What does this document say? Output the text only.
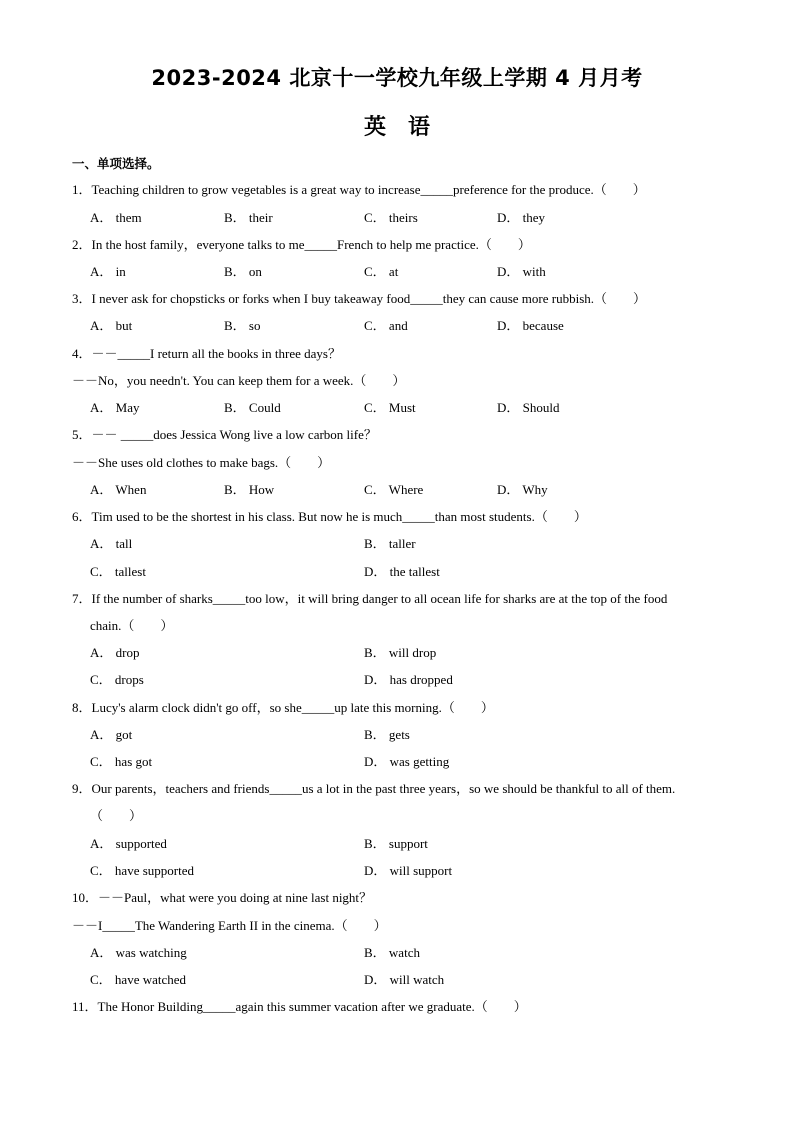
2023-2024 北京十一学校九年级上学期 4 月月考
英　语
一、单项选择。
1．Teaching children to grow vegetables is a great way to increase_____preference for the produce.（　　）
A． them	B． their	C． theirs	D． they
2．In the host family，everyone talks to me_____French to help me practice.（　　）
A． in	B． on	C． at	D． with
3．I never ask for chopsticks or forks when I buy takeaway food_____they can cause more rubbish.（　　）
A． but	B． so	C． and	D． because
4．－－_____I return all the books in three days？
－－No，you needn't. You can keep them for a week.（　　）
A． May	B． Could	C． Must	D． Should
5．－－ _____does Jessica Wong live a low carbon life？
－－She uses old clothes to make bags.（　　）
A． When	B． How	C． Where	D． Why
6．Tim used to be the shortest in his class. But now he is much_____than most students.（　　）
A． tall	B． taller
C． tallest	D． the tallest
7．If the number of sharks_____too low，it will bring danger to all ocean life for sharks are at the top of the food
chain.（　　）
A． drop	B． will drop
C． drops	D． has dropped
8．Lucy's alarm clock didn't go off，so she_____up late this morning.（　　）
A． got	B． gets
C． has got	D． was getting
9．Our parents，teachers and friends_____us a lot in the past three years，so we should be thankful to all of them.
（　　）
A． supported	B． support
C． have supported	D． will support
10．－－Paul，what were you doing at nine last night？
－－I_____The Wandering Earth II in the cinema.（　　）
A． was watching	B． watch
C． have watched	D． will watch
11．The Honor Building_____again this summer vacation after we graduate.（　　）
